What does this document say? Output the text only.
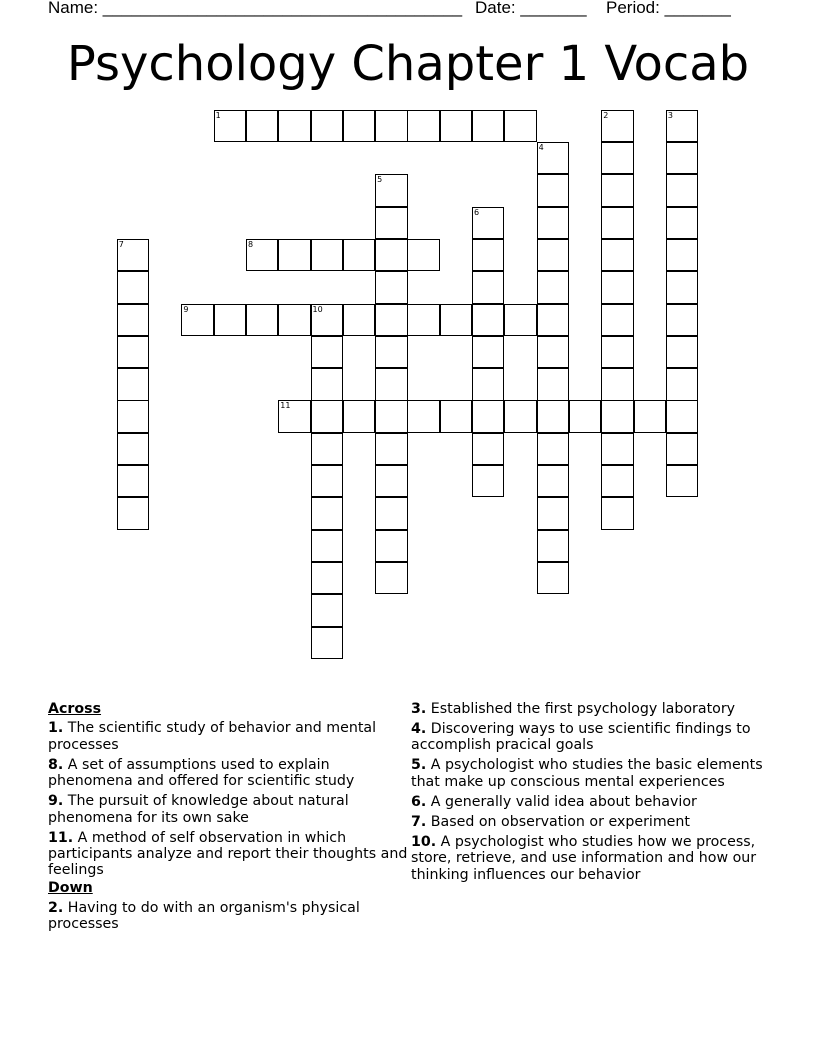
Name: ______________________________________ Date: _______ Period: _______
Psychology Chapter 1 Vocab
1	2	3
4
5
6
7	8
9	10
11
Across
1. The scientific study of behavior and mental processes
8. A set of assumptions used to explain phenomena and offered for scientific study
9. The pursuit of knowledge about natural phenomena for its own sake
11. A method of self observation in which participants analyze and report their thoughts and feelings
Down
2. Having to do with an organism's physical processes
3. Established the first psychology laboratory
4. Discovering ways to use scientific findings to accomplish pracical goals
5. A psychologist who studies the basic elements that make up conscious mental experiences
6. A generally valid idea about behavior
7. Based on observation or experiment
10. A psychologist who studies how we process, store, retrieve, and use information and how our thinking influences our behavior
